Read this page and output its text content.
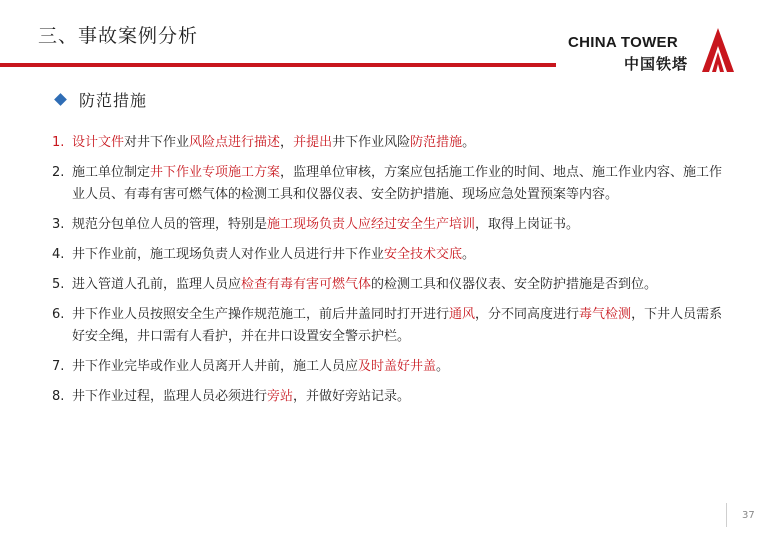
三、事故案例分析	CHINA TOWER
中国铁塔
防范措施
1. 设计文件对井下作业风险点进行描述，并提出井下作业风险防范措施。
2. 施工单位制定井下作业专项施工方案，监理单位审核，方案应包括施工作业的时间、地点、施工作业内容、施工作业人员、有毒有害可燃气体的检测工具和仪器仪表、安全防护措施、现场应急处置预案等内容。
3. 规范分包单位人员的管理，特别是施工现场负责人应经过安全生产培训，取得上岗证书。
4. 井下作业前，施工现场负责人对作业人员进行井下作业安全技术交底。
5. 进入管道人孔前，监理人员应检查有毒有害可燃气体的检测工具和仪器仪表、安全防护措施是否到位。
6. 井下作业人员按照安全生产操作规范施工，前后井盖同时打开进行通风，分不同高度进行毒气检测，下井人员需系好安全绳，井口需有人看护，并在井口设置安全警示护栏。
7. 井下作业完毕或作业人员离开人井前，施工人员应及时盖好井盖。
8. 井下作业过程，监理人员必须进行旁站，并做好旁站记录。
37
